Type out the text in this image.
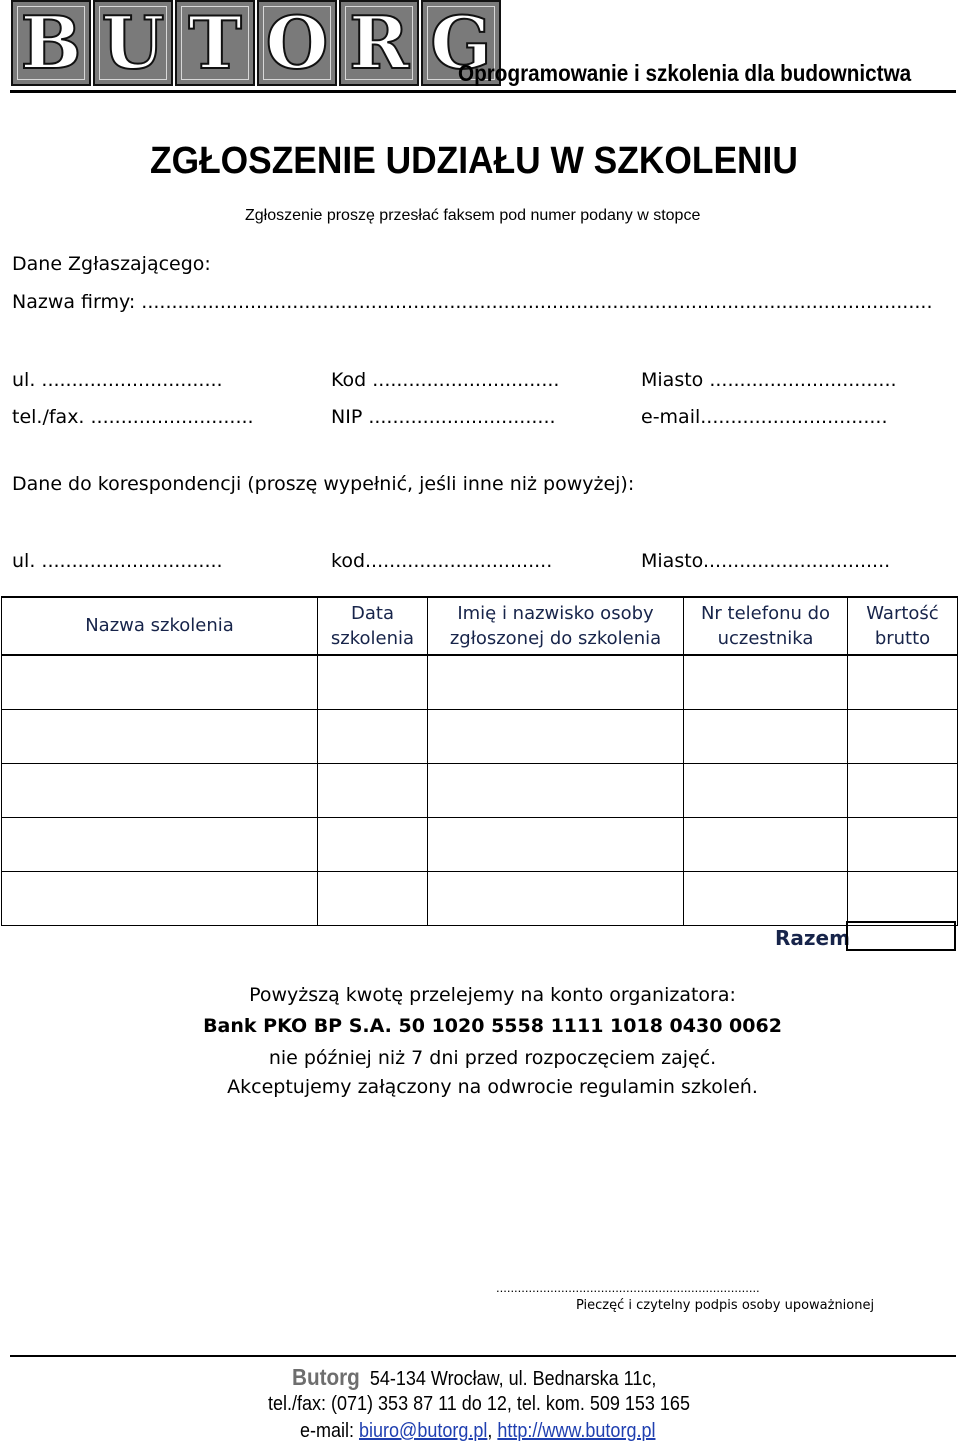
B U T O R G
Oprogramowanie i szkolenia dla budownictwa
ZGŁOSZENIE UDZIAŁU W SZKOLENIU
Zgłoszenie proszę przesłać faksem pod numer podany w stopce
Dane Zgłaszającego:
Nazwa firmy: ...................................................................................................................................
ul. ..............................	Kod ...............................	Miasto ...............................
tel./fax. ...........................	NIP ...............................	e-mail...............................
Dane do korespondencji (proszę wypełnić, jeśli inne niż powyżej):
ul. ..............................	kod...............................	Miasto...............................
Nazwa szkolenia	Data szkolenia	Imię i nazwisko osoby zgłoszonej do szkolenia	Nr telefonu do uczestnika	Wartość brutto

Razem
Powyższą kwotę przelejemy na konto organizatora:
Bank PKO BP S.A. 50 1020 5558 1111 1018 0430 0062
nie później niż 7 dni przed rozpoczęciem zajęć.
Akceptujemy załączony na odwrocie regulamin szkoleń.
.........................................................................
Pieczęć i czytelny podpis osoby upoważnionej
Butorg 54-134 Wrocław, ul. Bednarska 11c,
tel./fax: (071) 353 87 11 do 12, tel. kom. 509 153 165
e-mail: biuro@butorg.pl, http://www.butorg.pl
